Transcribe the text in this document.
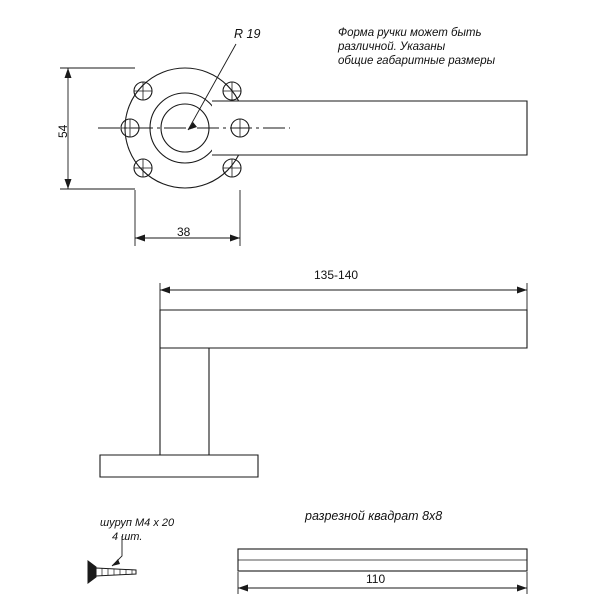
Форма ручки может быть
различной. Указаны
общие габаритные размеры
R 19
54
38
135-140
разрезной квадрат 8x8
110
шуруп M4 x 20
4 шт.
